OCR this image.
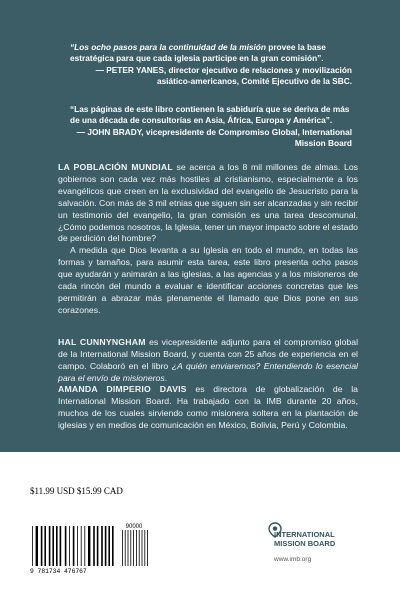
“Los ocho pasos para la continuidad de la misión provee la base estratégica para que cada iglesia participe en la gran comisión”.
— PETER YANES, director ejecutivo de relaciones y movilización asiático-americanos, Comité Ejecutivo de la SBC.
“Las páginas de este libro contienen la sabiduría que se deriva de más de una década de consultorías en Asia, África, Europa y América”.
— JOHN BRADY, vicepresidente de Compromiso Global, International Mission Board

LA POBLACIÓN MUNDIAL se acerca a los 8 mil millones de almas. Los gobiernos son cada vez más hostiles al cristianismo, especialmente a los evangélicos que creen en la exclusividad del evangelio de Jesucristo para la salvación. Con más de 3 mil etnias que siguen sin ser alcanzadas y sin recibir un testimonio del evangelio, la gran comisión es una tarea descomunal. ¿Cómo podemos nosotros, la Iglesia, tener un mayor impacto sobre el estado de perdición del hombre?

A medida que Dios levanta a su Iglesia en todo el mundo, en todas las formas y tamaños, para asumir esta tarea, este libro presenta ocho pasos que ayudarán y animarán a las iglesias, a las agencias y a los misioneros de cada rincón del mundo a evaluar e identificar acciones concretas que les permitirán a abrazar más plenamente el llamado que Dios pone en sus corazones.

HAL CUNNYNGHAM es vicepresidente adjunto para el compromiso global de la International Mission Board, y cuenta con 25 años de experiencia en el campo. Colaboró en el libro ¿A quién enviaremos? Entendiendo lo esencial para el envío de misioneros.

AMANDA DIMPERIO DAVIS es directora de globalización de la International Mission Board. Ha trabajado con la IMB durante 20 años, muchos de los cuales sirviendo como misionera soltera en la plantación de iglesias y en medios de comunicación en México, Bolivia, Perú y Colombia.

$11.99 USD $15.99 CAD
ISBN 978-1-7344767-6-7
90000
9 781734 476767
INTERNATIONAL
MISSION BOARD
www.imb.org
